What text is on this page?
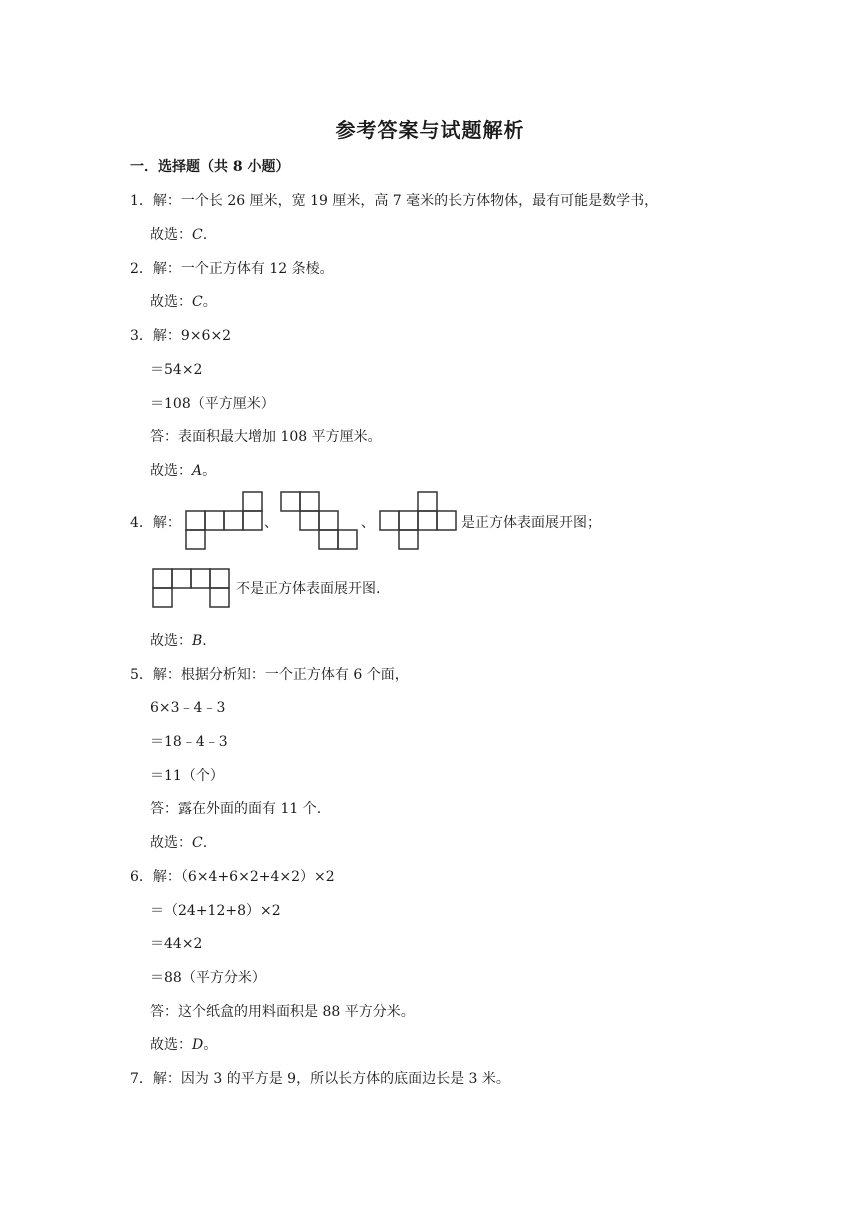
参考答案与试题解析
一．选择题（共 8 小题）
1．解：一个长 26 厘米，宽 19 厘米，高 7 毫米的长方体物体，最有可能是数学书，
故选：C.
2．解：一个正方体有 12 条棱。
故选：C。
3．解：9×6×2
＝54×2
＝108（平方厘米）
答：表面积最大增加 108 平方厘米。
故选：A。
4．解：	、	、	是正方体表面展开图；
不是正方体表面展开图.
故选：B.
5．解：根据分析知：一个正方体有 6 个面，
6×3﹣4﹣3
＝18﹣4﹣3
＝11（个）
答：露在外面的面有 11 个.
故选：C.
6．解：（6×4+6×2+4×2）×2
＝（24+12+8）×2
＝44×2
＝88（平方分米）
答：这个纸盒的用料面积是 88 平方分米。
故选：D。
7．解：因为 3 的平方是 9，所以长方体的底面边长是 3 米。
